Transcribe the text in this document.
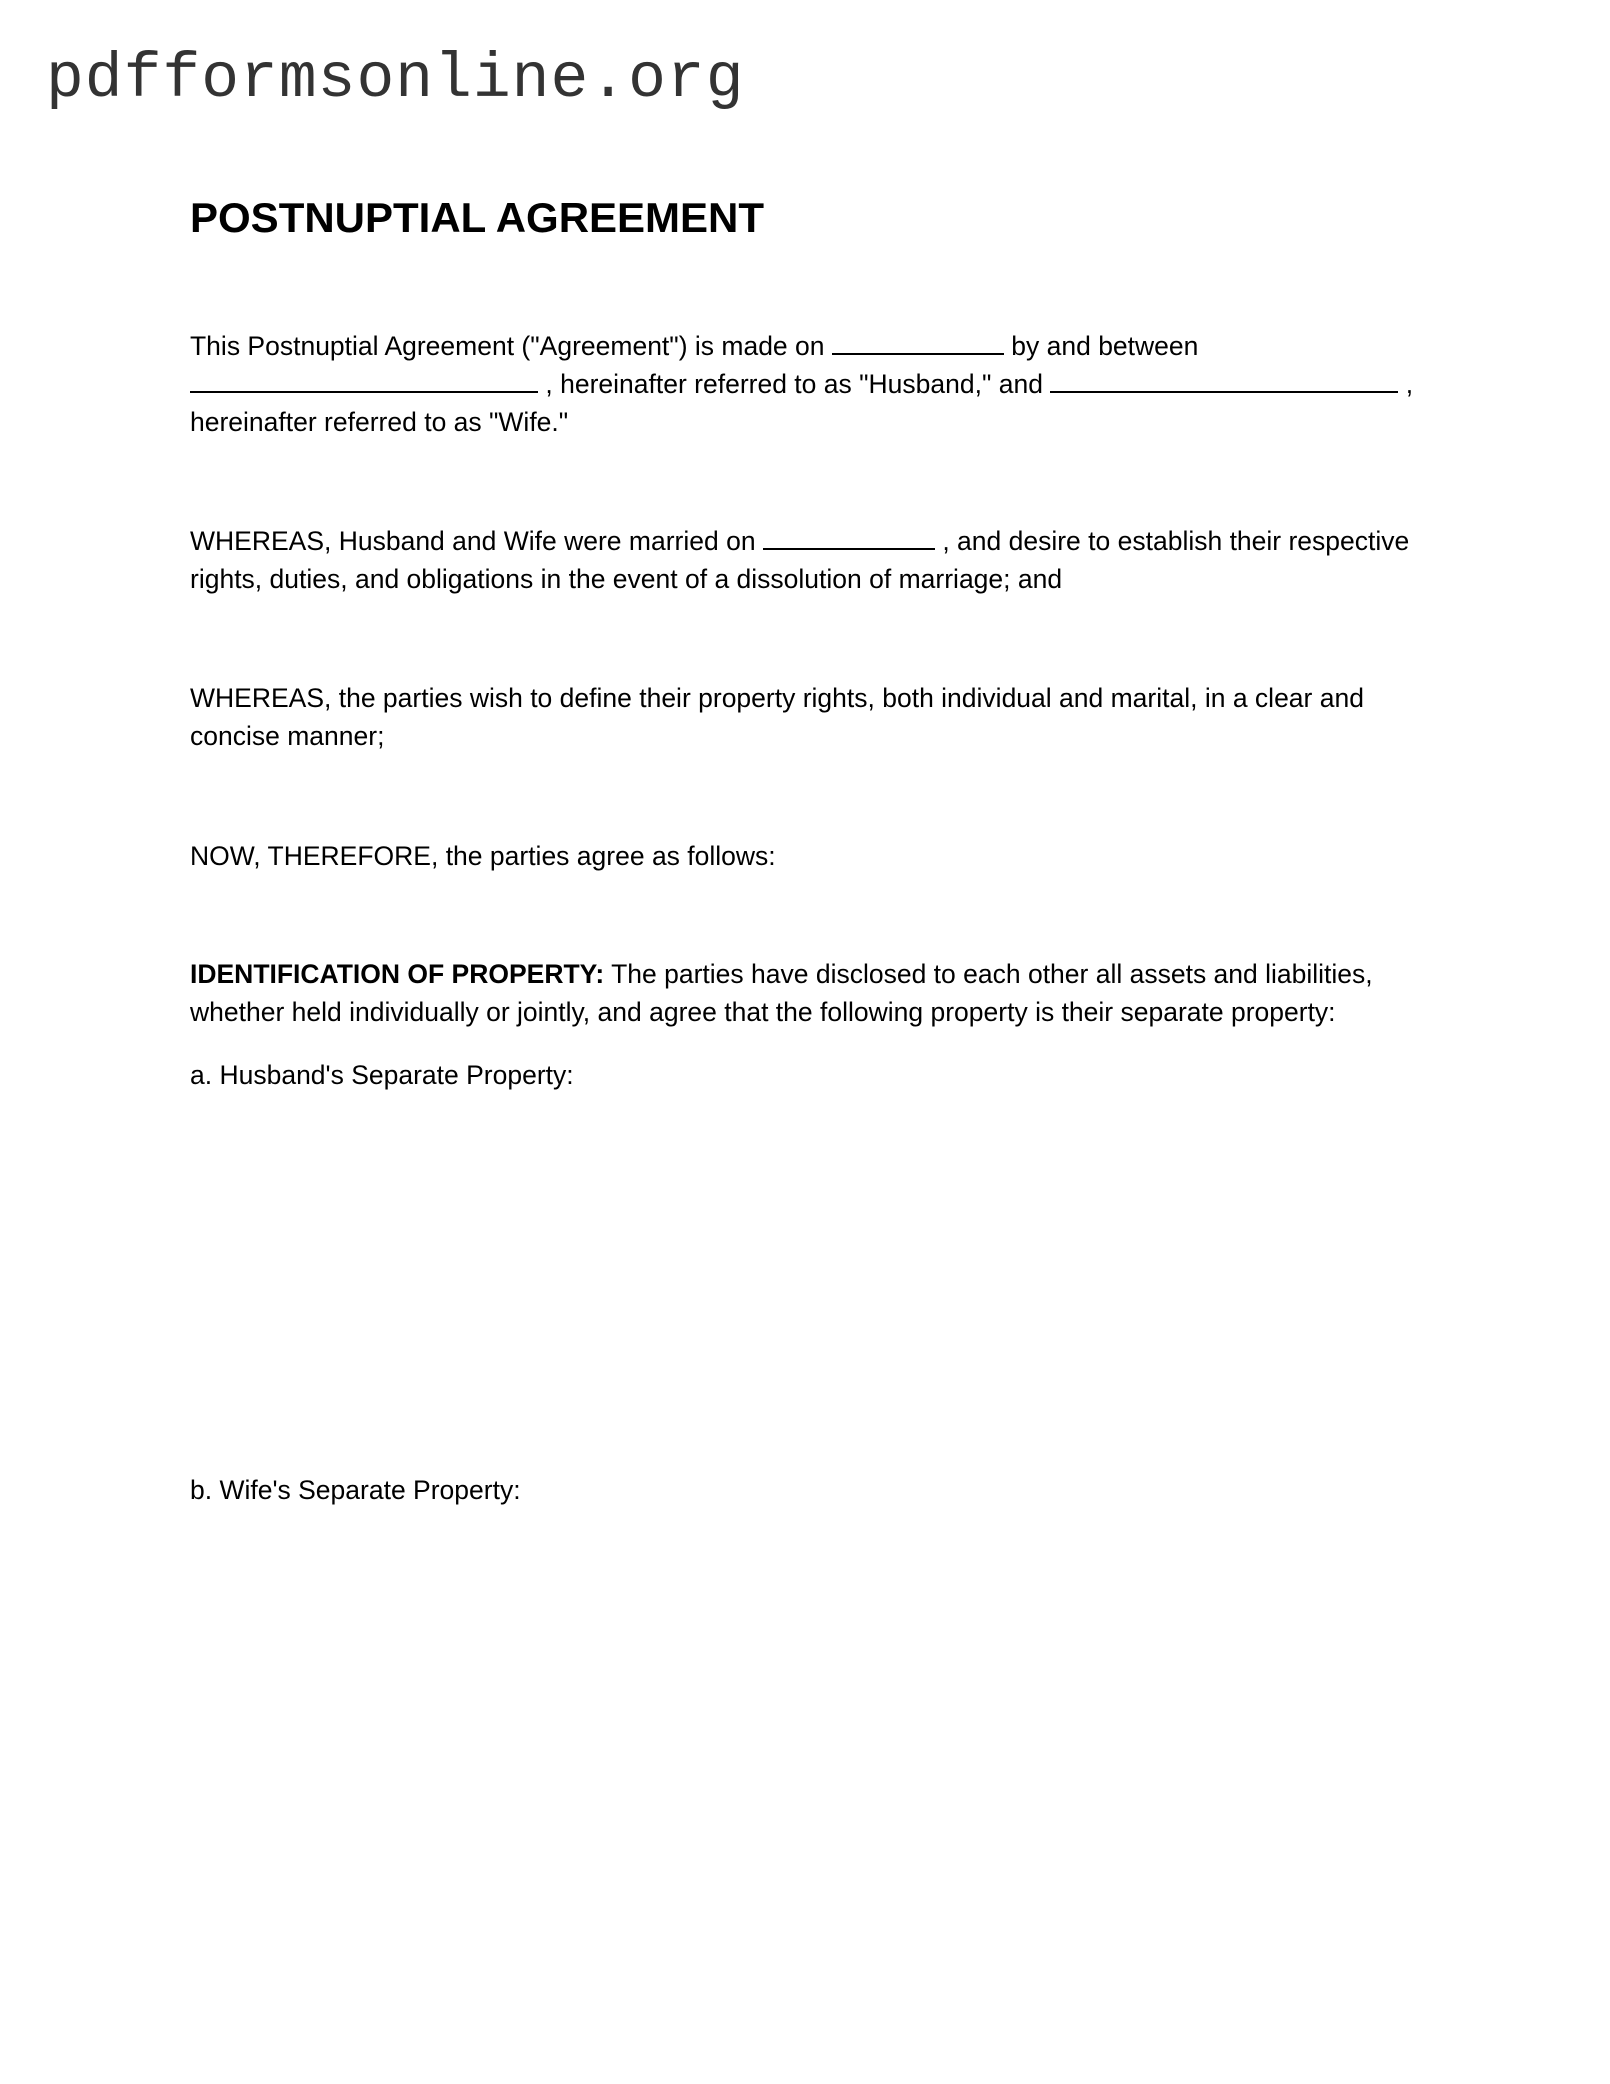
pdfformsonline.org
POSTNUPTIAL AGREEMENT
This Postnuptial Agreement ("Agreement") is made on	by and between
, hereinafter referred to as "Husband," and	,
hereinafter referred to as "Wife."
WHEREAS, Husband and Wife were married on	, and desire to establish their respective
rights, duties, and obligations in the event of a dissolution of marriage; and
WHEREAS, the parties wish to define their property rights, both individual and marital, in a clear and
concise manner;
NOW, THEREFORE, the parties agree as follows:
IDENTIFICATION OF PROPERTY: The parties have disclosed to each other all assets and liabilities,
whether held individually or jointly, and agree that the following property is their separate property:
a. Husband's Separate Property:
b. Wife's Separate Property:
